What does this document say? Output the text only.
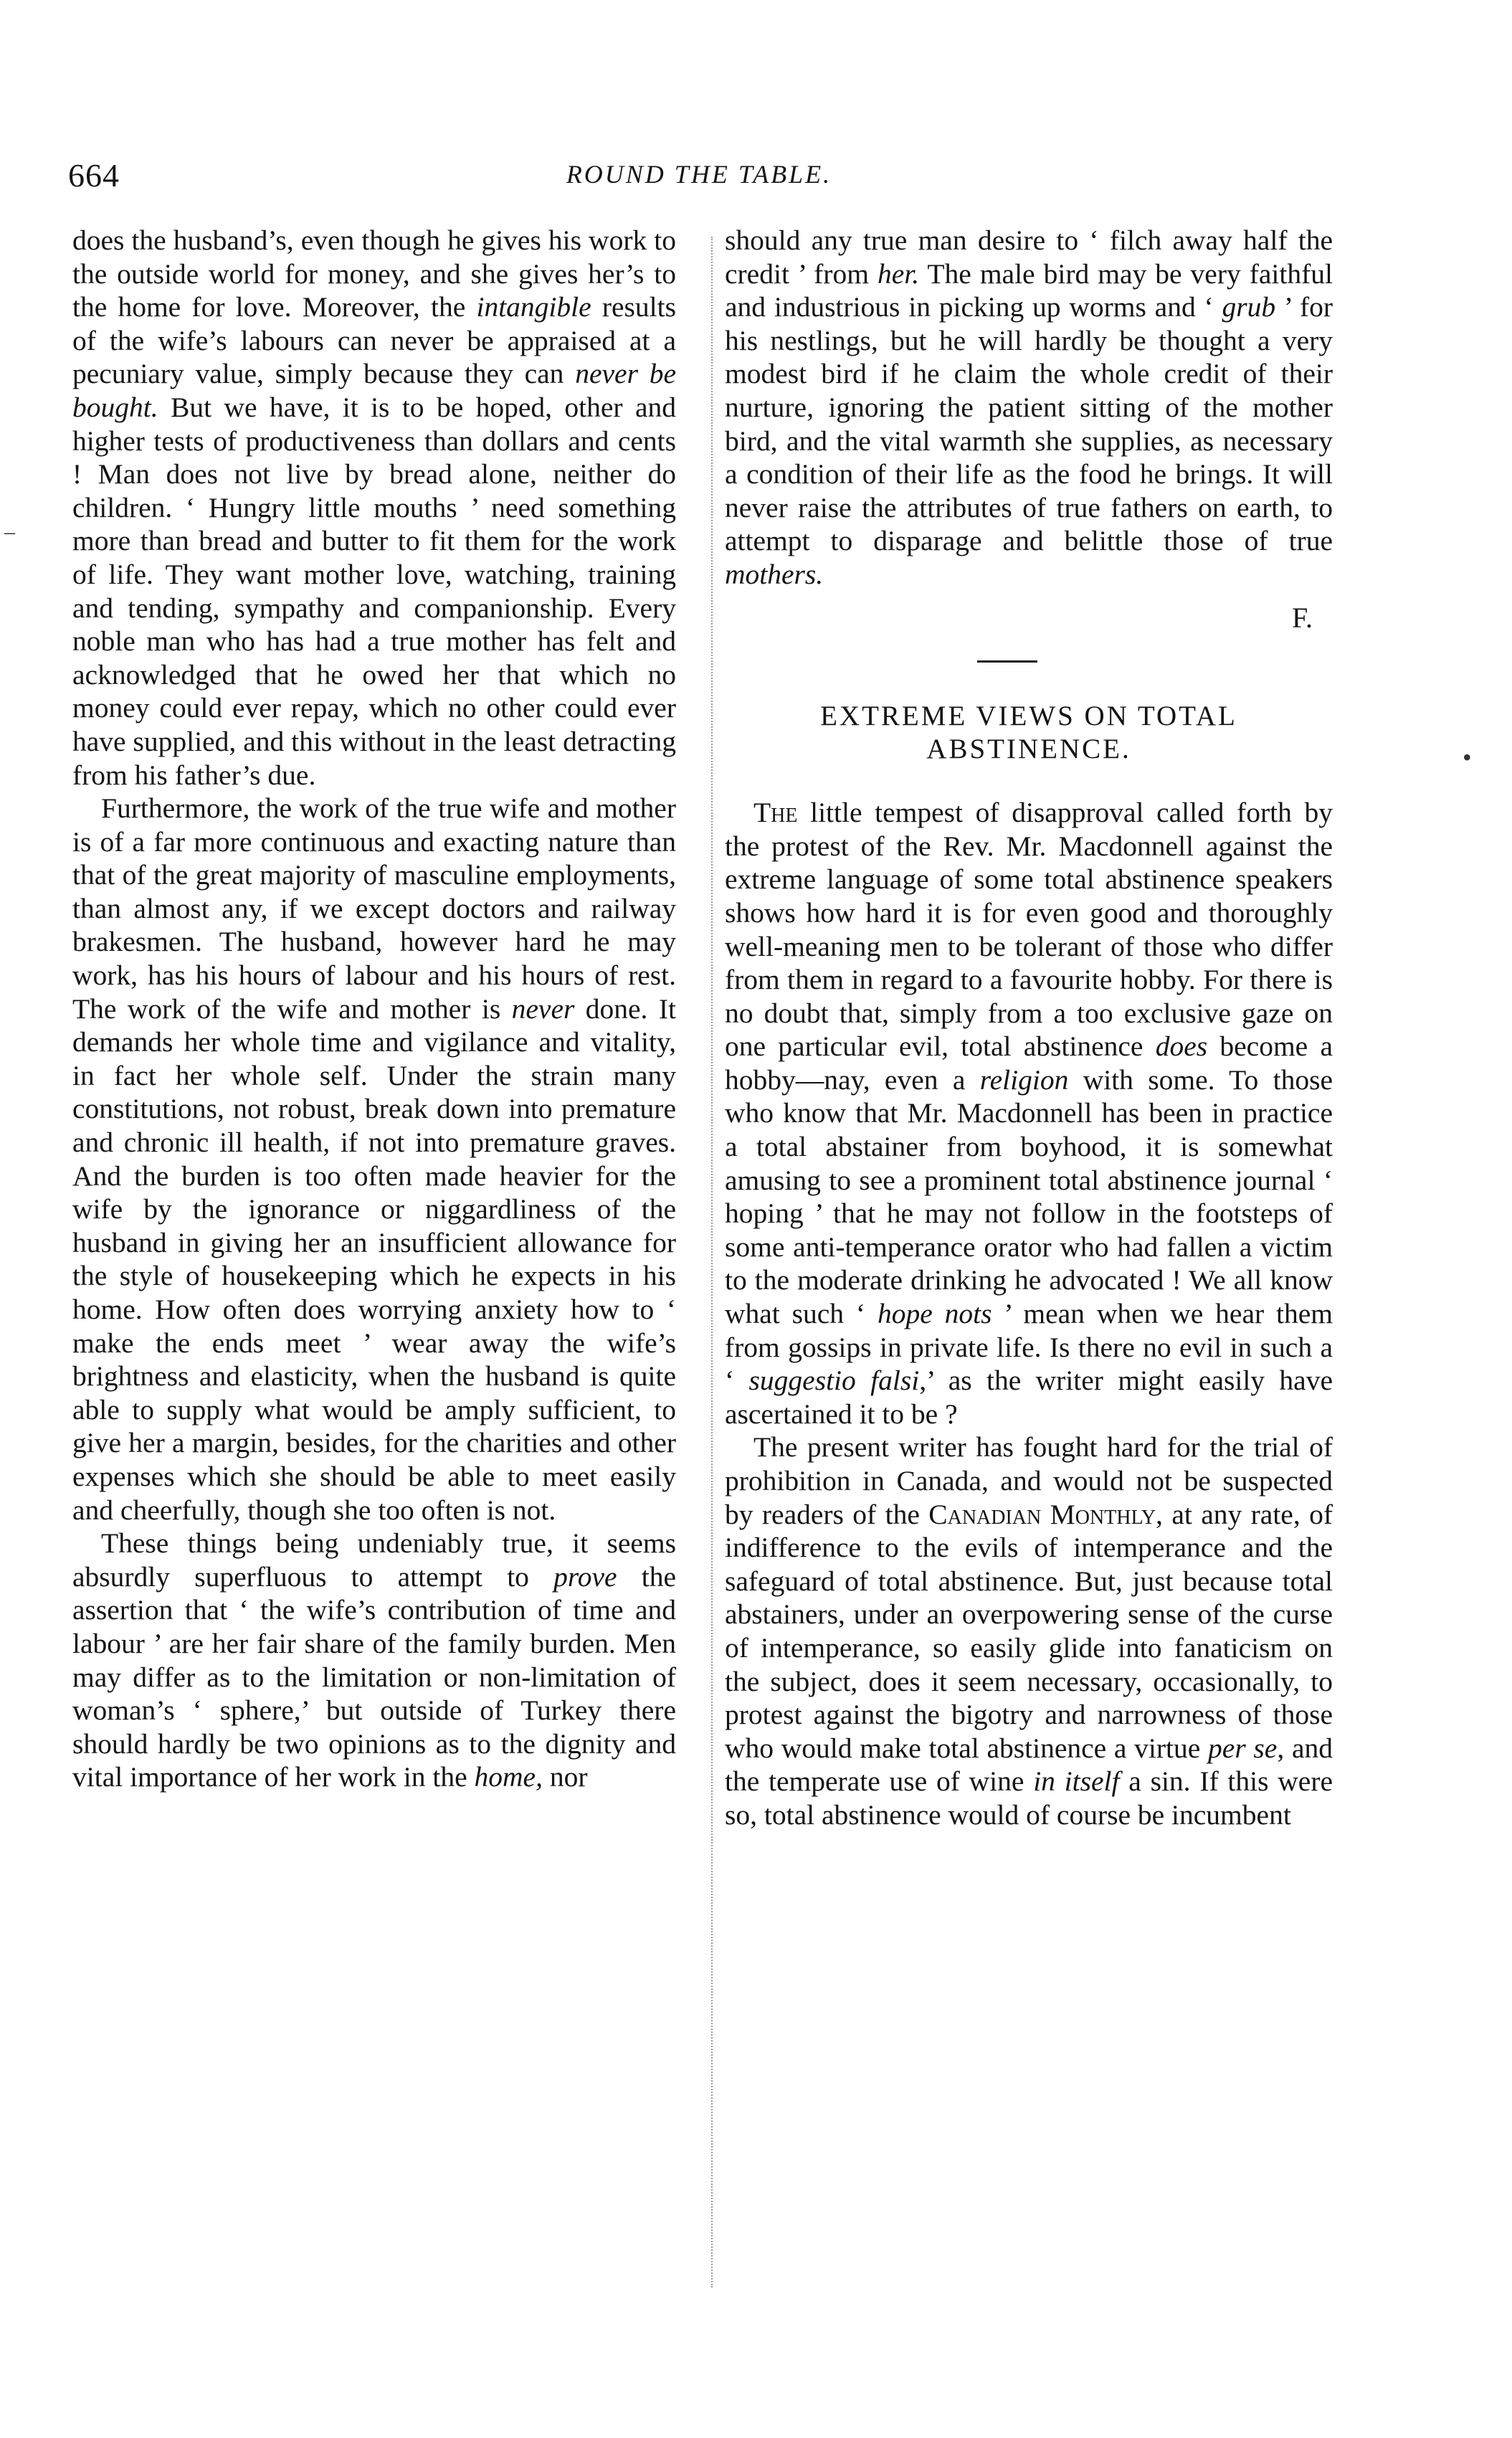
664	ROUND THE TABLE.

does the husband’s, even though he gives his work to the outside world for money, and she gives her’s to the home for love. Moreover, the intangible results of the wife’s labours can never be appraised at a pecuniary value, simply because they can never be bought. But we have, it is to be hoped, other and higher tests of productiveness than dollars and cents ! Man does not live by bread alone, neither do children. ‘ Hungry little mouths ’ need something more than bread and butter to fit them for the work of life. They want mother love, watching, training and tending, sympathy and companionship. Every noble man who has had a true mother has felt and acknowledged that he owed her that which no money could ever repay, which no other could ever have supplied, and this without in the least detracting from his father’s due.

Furthermore, the work of the true wife and mother is of a far more continuous and exacting nature than that of the great majority of masculine employments, than almost any, if we except doctors and railway brakesmen. The husband, however hard he may work, has his hours of labour and his hours of rest. The work of the wife and mother is never done. It demands her whole time and vigilance and vitality, in fact her whole self. Under the strain many constitutions, not robust, break down into premature and chronic ill health, if not into premature graves. And the burden is too often made heavier for the wife by the ignorance or niggardliness of the husband in giving her an insufficient allowance for the style of housekeeping which he expects in his home. How often does worrying anxiety how to ‘ make the ends meet ’ wear away the wife’s brightness and elasticity, when the husband is quite able to supply what would be amply sufficient, to give her a margin, besides, for the charities and other expenses which she should be able to meet easily and cheerfully, though she too often is not.

These things being undeniably true, it seems absurdly superfluous to attempt to prove the assertion that ‘ the wife’s contribution of time and labour ’ are her fair share of the family burden. Men may differ as to the limitation or non-limitation of woman’s ‘ sphere,’ but outside of Turkey there should hardly be two opinions as to the dignity and vital importance of her work in the home, nor

should any true man desire to ‘ filch away half the credit ’ from her. The male bird may be very faithful and industrious in picking up worms and ‘ grub ’ for his nestlings, but he will hardly be thought a very modest bird if he claim the whole credit of their nurture, ignoring the patient sitting of the mother bird, and the vital warmth she supplies, as necessary a condition of their life as the food he brings. It will never raise the attributes of true fathers on earth, to attempt to disparage and belittle those of true mothers.

F.
EXTREME VIEWS ON TOTAL
ABSTINENCE.

The little tempest of disapproval called forth by the protest of the Rev. Mr. Macdonnell against the extreme language of some total abstinence speakers shows how hard it is for even good and thoroughly well-meaning men to be tolerant of those who differ from them in regard to a favourite hobby. For there is no doubt that, simply from a too exclusive gaze on one particular evil, total abstinence does become a hobby—nay, even a religion with some. To those who know that Mr. Macdonnell has been in practice a total abstainer from boyhood, it is somewhat amusing to see a prominent total abstinence journal ‘ hoping ’ that he may not follow in the footsteps of some anti-temperance orator who had fallen a victim to the moderate drinking he advocated ! We all know what such ‘ hope nots ’ mean when we hear them from gossips in private life. Is there no evil in such a ‘ suggestio falsi,’ as the writer might easily have ascertained it to be ?

The present writer has fought hard for the trial of prohibition in Canada, and would not be suspected by readers of the Canadian Monthly, at any rate, of indifference to the evils of intemperance and the safeguard of total abstinence. But, just because total abstainers, under an overpowering sense of the curse of intemperance, so easily glide into fanaticism on the subject, does it seem necessary, occasionally, to protest against the bigotry and narrowness of those who would make total abstinence a virtue per se, and the temperate use of wine in itself a sin. If this were so, total abstinence would of course be incumbent

–
•
